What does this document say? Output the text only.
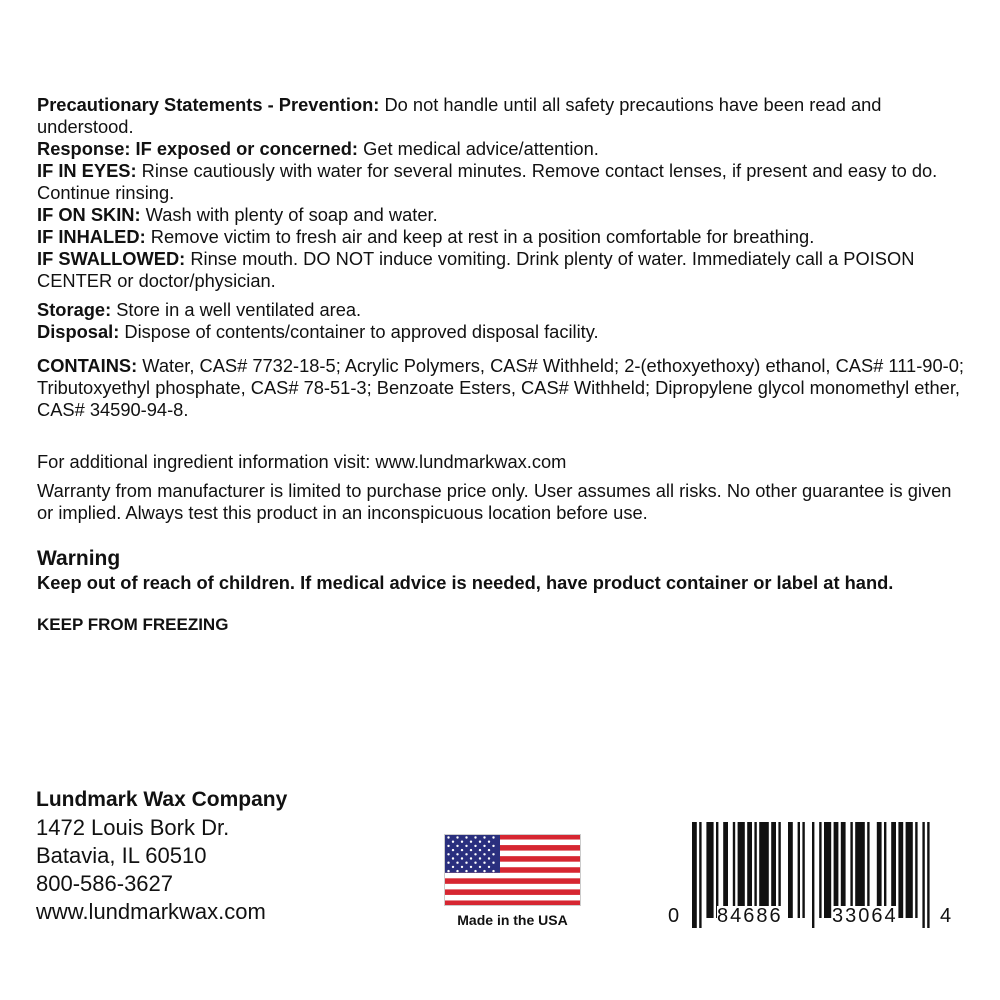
Precautionary Statements - Prevention: Do not handle until all safety precautions have been read and understood.

Response: IF exposed or concerned: Get medical advice/attention.

IF IN EYES: Rinse cautiously with water for several minutes. Remove contact lenses, if present and easy to do. Continue rinsing.

IF ON SKIN: Wash with plenty of soap and water.

IF INHALED: Remove victim to fresh air and keep at rest in a position comfortable for breathing.

IF SWALLOWED: Rinse mouth. DO NOT induce vomiting. Drink plenty of water. Immediately call a POISON CENTER or doctor/physician.

Storage: Store in a well ventilated area.

Disposal: Dispose of contents/container to approved disposal facility.

CONTAINS: Water, CAS# 7732-18-5; Acrylic Polymers, CAS# Withheld; 2-(ethoxyethoxy) ethanol, CAS# 111-90-0; Tributoxyethyl phosphate, CAS# 78-51-3; Benzoate Esters, CAS# Withheld; Dipropylene glycol monomethyl ether, CAS# 34590-94-8.

For additional ingredient information visit: www.lundmarkwax.com

Warranty from manufacturer is limited to purchase price only. User assumes all risks. No other guarantee is given or implied. Always test this product in an inconspicuous location before use.

Warning

Keep out of reach of children. If medical advice is needed, have product container or label at hand.

KEEP FROM FREEZING

Lundmark Wax Company
1472 Louis Bork Dr.
Batavia, IL 60510
800-586-3627
www.lundmarkwax.com	Made in the USA	0 84686 33064 4
